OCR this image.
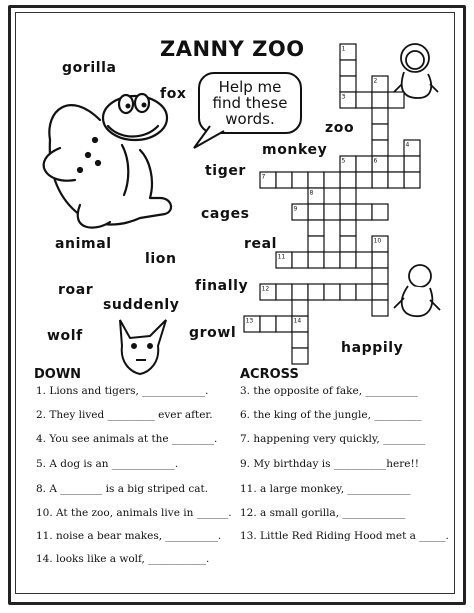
ZANNY ZOO
Help me
find these
words.
gorilla
fox
zoo
monkey
tiger
cages
animal	real
lion
finally
roar
suddenly
wolf	growl
happily
1
2
3
4
5	6
7
8
9
10
11
12
13	14
DOWN
1. Lions and tigers, ____________.
2. They lived _________ ever after.
4. You see animals at the ________.
5. A dog is an ____________.
8. A ________ is a big striped cat.
10. At the zoo, animals live in ______.
11. noise a bear makes, __________.
14. looks like a wolf, ___________.
ACROSS
3. the opposite of fake, __________
6. the king of the jungle, _________
7. happening very quickly, ________
9. My birthday is __________here!!
11. a large monkey, ____________
12. a small gorilla, ____________
13. Little Red Riding Hood met a _____.
